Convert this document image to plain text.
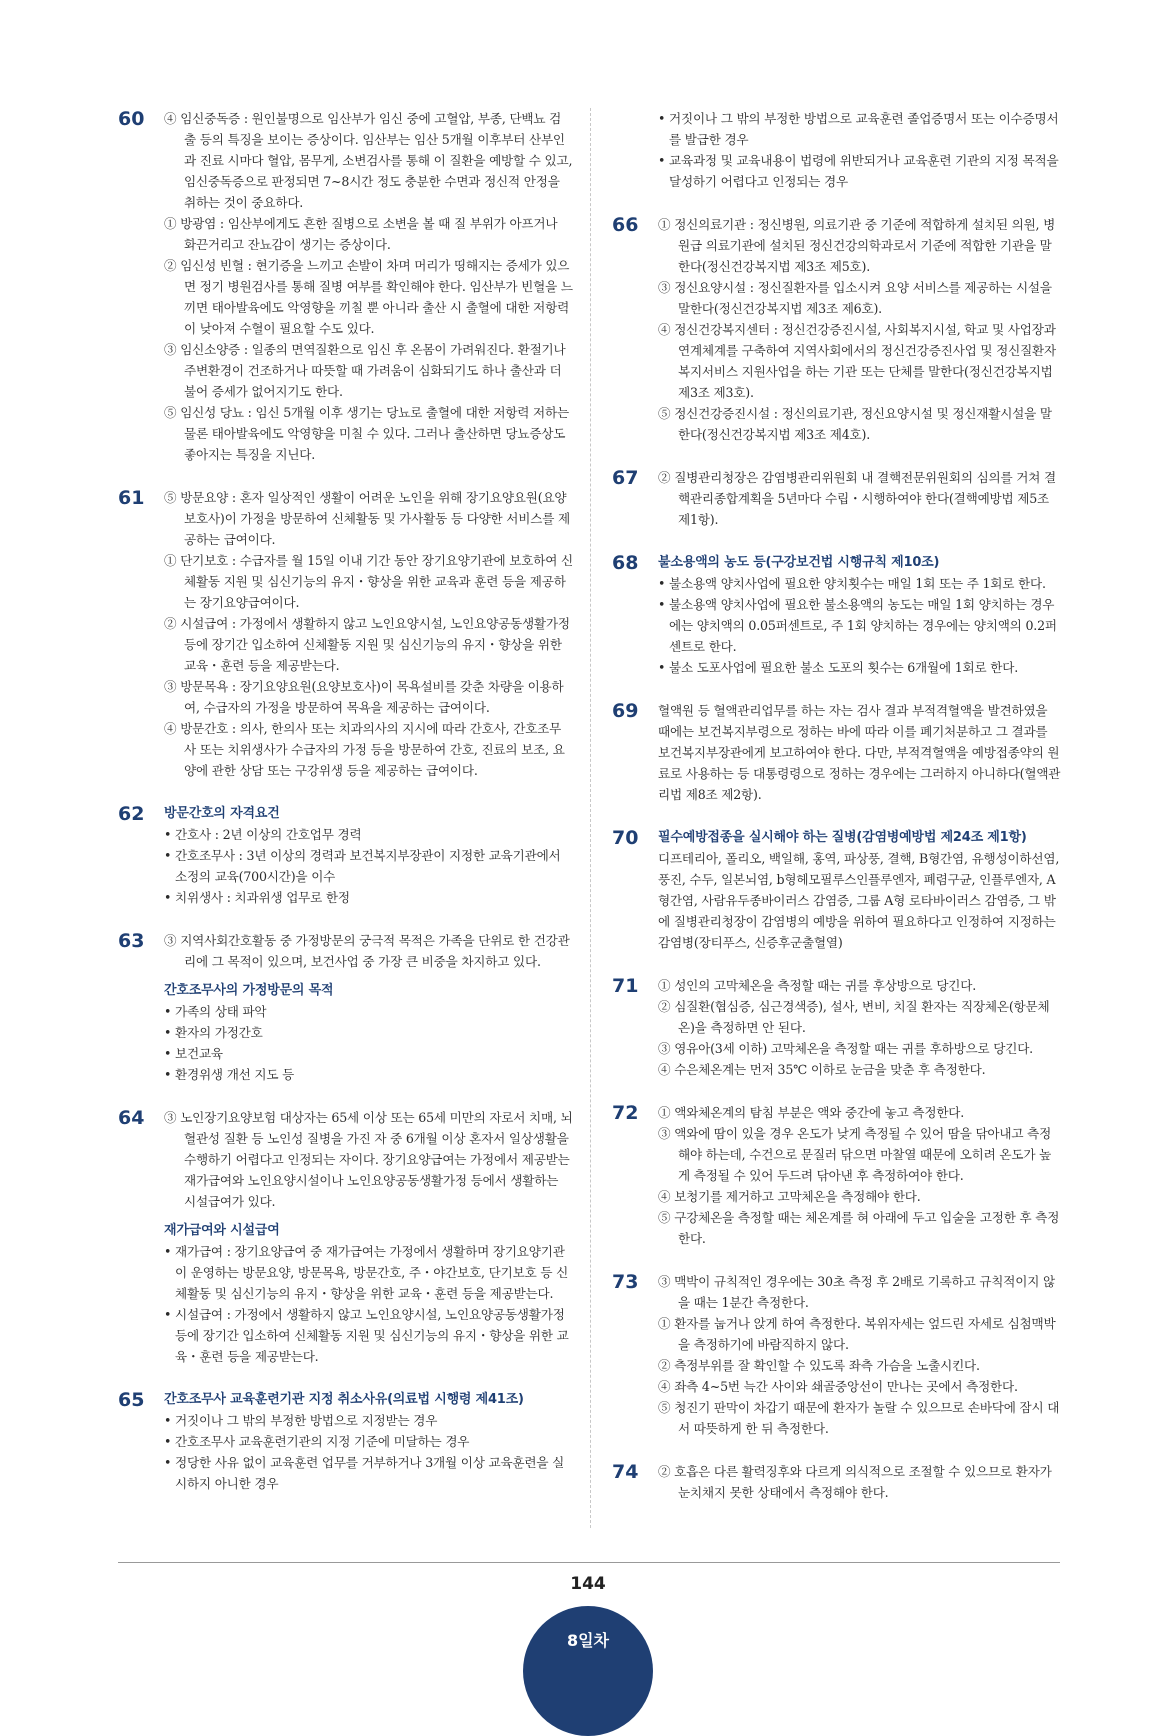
60	④ 임신중독증 : 원인불명으로 임산부가 임신 중에 고혈압, 부종, 단백뇨 검출 등의 특징을 보이는 증상이다. 임산부는 임산 5개월 이후부터 산부인과 진료 시마다 혈압, 몸무게, 소변검사를 통해 이 질환을 예방할 수 있고, 임신중독증으로 판정되면 7~8시간 정도 충분한 수면과 정신적 안정을 취하는 것이 중요하다.

① 방광염 : 임산부에게도 흔한 질병으로 소변을 볼 때 질 부위가 아프거나 화끈거리고 잔뇨감이 생기는 증상이다.

② 임신성 빈혈 : 현기증을 느끼고 손발이 차며 머리가 띵해지는 증세가 있으면 정기 병원검사를 통해 질병 여부를 확인해야 한다. 임산부가 빈혈을 느끼면 태아발육에도 악영향을 끼칠 뿐 아니라 출산 시 출혈에 대한 저항력이 낮아져 수혈이 필요할 수도 있다.

③ 임신소양증 : 일종의 면역질환으로 임신 후 온몸이 가려워진다. 환절기나 주변환경이 건조하거나 따뜻할 때 가려움이 심화되기도 하나 출산과 더불어 증세가 없어지기도 한다.

⑤ 임신성 당뇨 : 임신 5개월 이후 생기는 당뇨로 출혈에 대한 저항력 저하는 물론 태아발육에도 악영향을 미칠 수 있다. 그러나 출산하면 당뇨증상도 좋아지는 특징을 지닌다.

61	⑤ 방문요양 : 혼자 일상적인 생활이 어려운 노인을 위해 장기요양요원(요양보호사)이 가정을 방문하여 신체활동 및 가사활동 등 다양한 서비스를 제공하는 급여이다.

① 단기보호 : 수급자를 월 15일 이내 기간 동안 장기요양기관에 보호하여 신체활동 지원 및 심신기능의 유지・향상을 위한 교육과 훈련 등을 제공하는 장기요양급여이다.

② 시설급여 : 가정에서 생활하지 않고 노인요양시설, 노인요양공동생활가정 등에 장기간 입소하여 신체활동 지원 및 심신기능의 유지・향상을 위한 교육・훈련 등을 제공받는다.

③ 방문목욕 : 장기요양요원(요양보호사)이 목욕설비를 갖춘 차량을 이용하여, 수급자의 가정을 방문하여 목욕을 제공하는 급여이다.

④ 방문간호 : 의사, 한의사 또는 치과의사의 지시에 따라 간호사, 간호조무사 또는 치위생사가 수급자의 가정 등을 방문하여 간호, 진료의 보조, 요양에 관한 상담 또는 구강위생 등을 제공하는 급여이다.

62	방문간호의 자격요건

• 간호사 : 2년 이상의 간호업무 경력

• 간호조무사 : 3년 이상의 경력과 보건복지부장관이 지정한 교육기관에서 소정의 교육(700시간)을 이수

• 치위생사 : 치과위생 업무로 한정

63	③ 지역사회간호활동 중 가정방문의 궁극적 목적은 가족을 단위로 한 건강관리에 그 목적이 있으며, 보건사업 중 가장 큰 비중을 차지하고 있다.

간호조무사의 가정방문의 목적

• 가족의 상태 파악

• 환자의 가정간호

• 보건교육

• 환경위생 개선 지도 등

64	③ 노인장기요양보험 대상자는 65세 이상 또는 65세 미만의 자로서 치매, 뇌혈관성 질환 등 노인성 질병을 가진 자 중 6개월 이상 혼자서 일상생활을 수행하기 어렵다고 인정되는 자이다. 장기요양급여는 가정에서 제공받는 재가급여와 노인요양시설이나 노인요양공동생활가정 등에서 생활하는 시설급여가 있다.

재가급여와 시설급여

• 재가급여 : 장기요양급여 중 재가급여는 가정에서 생활하며 장기요양기관이 운영하는 방문요양, 방문목욕, 방문간호, 주・야간보호, 단기보호 등 신체활동 및 심신기능의 유지・향상을 위한 교육・훈련 등을 제공받는다.

• 시설급여 : 가정에서 생활하지 않고 노인요양시설, 노인요양공동생활가정 등에 장기간 입소하여 신체활동 지원 및 심신기능의 유지・향상을 위한 교육・훈련 등을 제공받는다.

65	간호조무사 교육훈련기관 지정 취소사유(의료법 시행령 제41조)

• 거짓이나 그 밖의 부정한 방법으로 지정받는 경우

• 간호조무사 교육훈련기관의 지정 기준에 미달하는 경우

• 정당한 사유 없이 교육훈련 업무를 거부하거나 3개월 이상 교육훈련을 실시하지 아니한 경우

• 거짓이나 그 밖의 부정한 방법으로 교육훈련 졸업증명서 또는 이수증명서를 발급한 경우

• 교육과정 및 교육내용이 법령에 위반되거나 교육훈련 기관의 지정 목적을 달성하기 어렵다고 인정되는 경우

66	① 정신의료기관 : 정신병원, 의료기관 중 기준에 적합하게 설치된 의원, 병원급 의료기관에 설치된 정신건강의학과로서 기준에 적합한 기관을 말한다(정신건강복지법 제3조 제5호).

③ 정신요양시설 : 정신질환자를 입소시켜 요양 서비스를 제공하는 시설을 말한다(정신건강복지법 제3조 제6호).

④ 정신건강복지센터 : 정신건강증진시설, 사회복지시설, 학교 및 사업장과 연계체계를 구축하여 지역사회에서의 정신건강증진사업 및 정신질환자 복지서비스 지원사업을 하는 기관 또는 단체를 말한다(정신건강복지법 제3조 제3호).

⑤ 정신건강증진시설 : 정신의료기관, 정신요양시설 및 정신재활시설을 말한다(정신건강복지법 제3조 제4호).

67	② 질병관리청장은 감염병관리위원회 내 결핵전문위원회의 심의를 거쳐 결핵관리종합계획을 5년마다 수립・시행하여야 한다(결핵예방법 제5조 제1항).

68	불소용액의 농도 등(구강보건법 시행규칙 제10조)

• 불소용액 양치사업에 필요한 양치횟수는 매일 1회 또는 주 1회로 한다.

• 불소용액 양치사업에 필요한 불소용액의 농도는 매일 1회 양치하는 경우에는 양치액의 0.05퍼센트로, 주 1회 양치하는 경우에는 양치액의 0.2퍼센트로 한다.

• 불소 도포사업에 필요한 불소 도포의 횟수는 6개월에 1회로 한다.

69	혈액원 등 혈액관리업무를 하는 자는 검사 결과 부적격혈액을 발견하였을 때에는 보건복지부령으로 정하는 바에 따라 이를 폐기처분하고 그 결과를 보건복지부장관에게 보고하여야 한다. 다만, 부적격혈액을 예방접종약의 원료로 사용하는 등 대통령령으로 정하는 경우에는 그러하지 아니하다(혈액관리법 제8조 제2항).

70	필수예방접종을 실시해야 하는 질병(감염병예방법 제24조 제1항)

디프테리아, 폴리오, 백일해, 홍역, 파상풍, 결핵, B형간염, 유행성이하선염, 풍진, 수두, 일본뇌염, b형헤모필루스인플루엔자, 폐렴구균, 인플루엔자, A형간염, 사람유두종바이러스 감염증, 그룹 A형 로타바이러스 감염증, 그 밖에 질병관리청장이 감염병의 예방을 위하여 필요하다고 인정하여 지정하는 감염병(장티푸스, 신증후군출혈열)

71	① 성인의 고막체온을 측정할 때는 귀를 후상방으로 당긴다.

② 심질환(협심증, 심근경색증), 설사, 변비, 치질 환자는 직장체온(항문체온)을 측정하면 안 된다.

③ 영유아(3세 이하) 고막체온을 측정할 때는 귀를 후하방으로 당긴다.

④ 수은체온계는 먼저 35℃ 이하로 눈금을 맞춘 후 측정한다.

72	① 액와체온계의 탐침 부분은 액와 중간에 놓고 측정한다.

③ 액와에 땀이 있을 경우 온도가 낮게 측정될 수 있어 땀을 닦아내고 측정해야 하는데, 수건으로 문질러 닦으면 마찰열 때문에 오히려 온도가 높게 측정될 수 있어 두드려 닦아낸 후 측정하여야 한다.

④ 보청기를 제거하고 고막체온을 측정해야 한다.

⑤ 구강체온을 측정할 때는 체온계를 혀 아래에 두고 입술을 고정한 후 측정한다.

73	③ 맥박이 규칙적인 경우에는 30초 측정 후 2배로 기록하고 규칙적이지 않을 때는 1분간 측정한다.

① 환자를 눕거나 앉게 하여 측정한다. 복위자세는 엎드린 자세로 심첨맥박을 측정하기에 바람직하지 않다.

② 측정부위를 잘 확인할 수 있도록 좌측 가슴을 노출시킨다.

④ 좌측 4~5번 늑간 사이와 쇄골중앙선이 만나는 곳에서 측정한다.

⑤ 청진기 판막이 차갑기 때문에 환자가 놀랄 수 있으므로 손바닥에 잠시 대서 따뜻하게 한 뒤 측정한다.

74	② 호흡은 다른 활력징후와 다르게 의식적으로 조절할 수 있으므로 환자가 눈치채지 못한 상태에서 측정해야 한다.

144
8일차
